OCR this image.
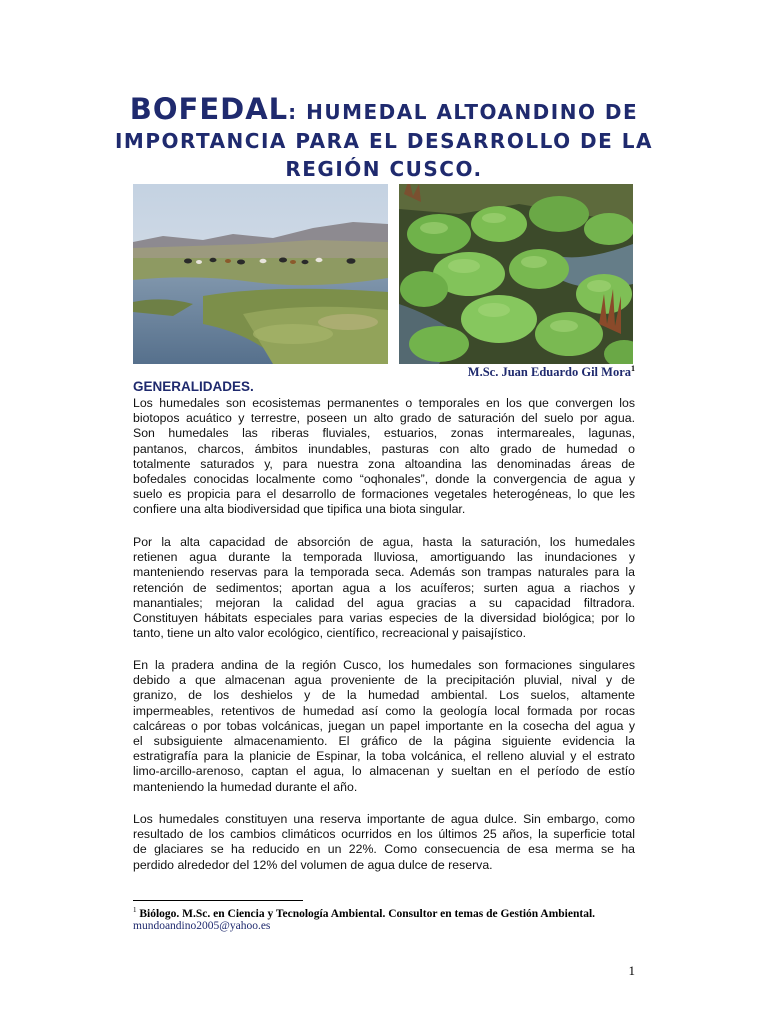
BOFEDAL: HUMEDAL ALTOANDINO DE
IMPORTANCIA PARA EL DESARROLLO DE LA
REGIÓN CUSCO.
M.Sc. Juan Eduardo Gil Mora$^1$
GENERALIDADES.
Los humedales son ecosistemas permanentes o temporales en los que convergen los
biotopos acuático y terrestre, poseen un alto grado de saturación del suelo por agua.
Son humedales las riberas fluviales, estuarios, zonas intermareales, lagunas,
pantanos, charcos, ámbitos inundables, pasturas con alto grado de humedad o
totalmente saturados y, para nuestra zona altoandina las denominadas áreas de
bofedales conocidas localmente como “oqhonales”, donde la convergencia de agua y
suelo es propicia para el desarrollo de formaciones vegetales heterogéneas, lo que les
confiere una alta biodiversidad que tipifica una biota singular.
Por la alta capacidad de absorción de agua, hasta la saturación, los humedales
retienen agua durante la temporada lluviosa, amortiguando las inundaciones y
manteniendo reservas para la temporada seca. Además son trampas naturales para la
retención de sedimentos; aportan agua a los acuíferos; surten agua a riachos y
manantiales; mejoran la calidad del agua gracias a su capacidad filtradora.
Constituyen hábitats especiales para varias especies de la diversidad biológica; por lo
tanto, tiene un alto valor ecológico, científico, recreacional y paisajístico.
En la pradera andina de la región Cusco, los humedales son formaciones singulares
debido a que almacenan agua proveniente de la precipitación pluvial, nival y de
granizo, de los deshielos y de la humedad ambiental. Los suelos, altamente
impermeables, retentivos de humedad así como la geología local formada por rocas
calcáreas o por tobas volcánicas, juegan un papel importante en la cosecha del agua y
el subsiguiente almacenamiento. El gráfico de la página siguiente evidencia la
estratigrafía para la planicie de Espinar, la toba volcánica, el relleno aluvial y el estrato
limo-arcillo-arenoso, captan el agua, lo almacenan y sueltan en el período de estío
manteniendo la humedad durante el año.
Los humedales constituyen una reserva importante de agua dulce. Sin embargo, como
resultado de los cambios climáticos ocurridos en los últimos 25 años, la superficie total
de glaciares se ha reducido en un 22%. Como consecuencia de esa merma se ha
perdido alrededor del 12% del volumen de agua dulce de reserva.
$^1$ Biólogo. M.Sc. en Ciencia y Tecnología Ambiental. Consultor en temas de Gestión Ambiental.
mundoandino2005@yahoo.es
1
